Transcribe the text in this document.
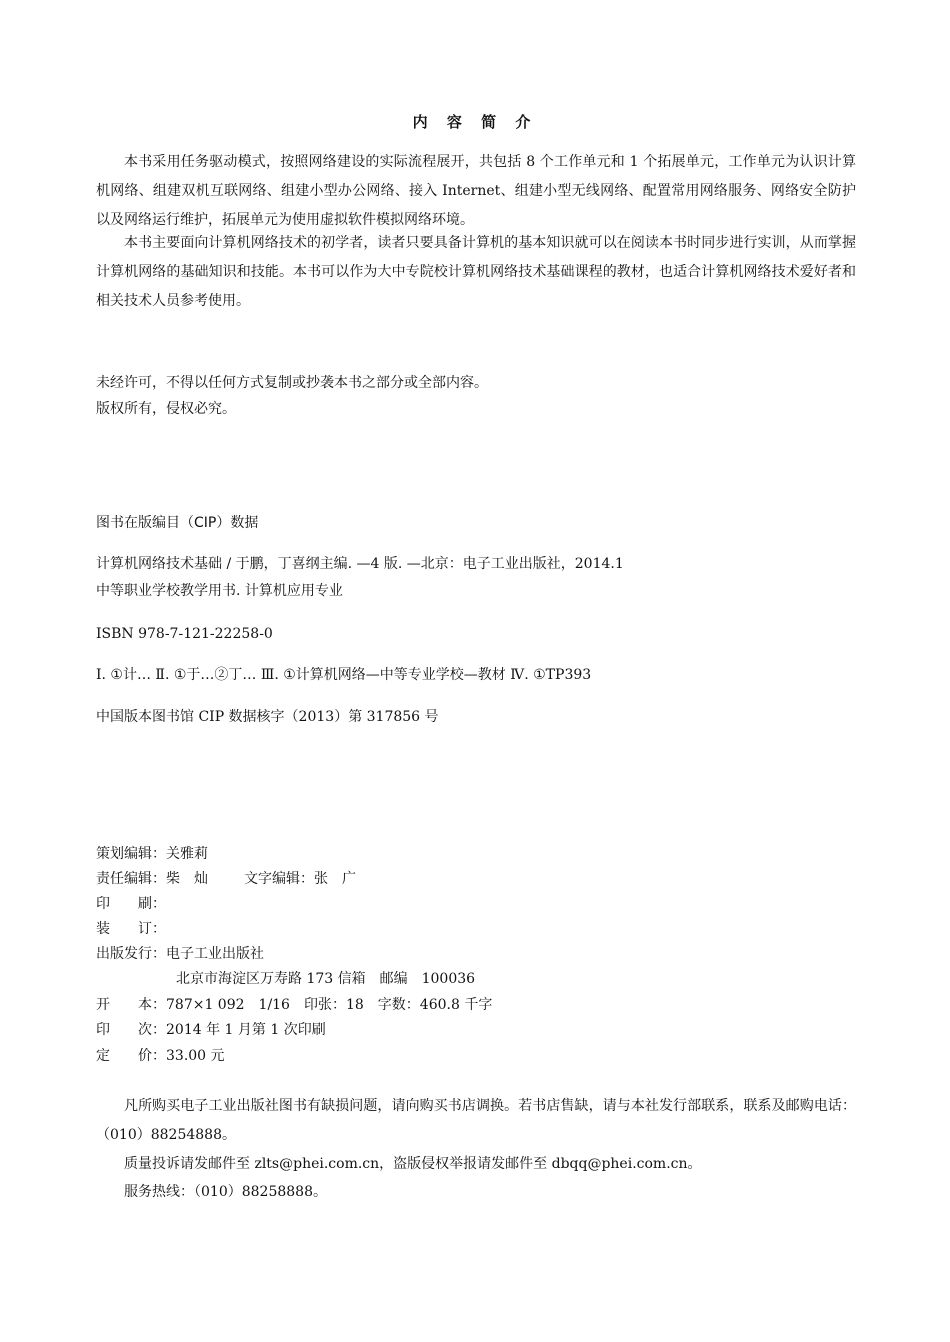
内 容 简 介

本书采用任务驱动模式，按照网络建设的实际流程展开，共包括 8 个工作单元和 1 个拓展单元，工作单元为认识计算机网络、组建双机互联网络、组建小型办公网络、接入 Internet、组建小型无线网络、配置常用网络服务、网络安全防护以及网络运行维护，拓展单元为使用虚拟软件模拟网络环境。

本书主要面向计算机网络技术的初学者，读者只要具备计算机的基本知识就可以在阅读本书时同步进行实训，从而掌握计算机网络的基础知识和技能。本书可以作为大中专院校计算机网络技术基础课程的教材，也适合计算机网络技术爱好者和相关技术人员参考使用。

未经许可，不得以任何方式复制或抄袭本书之部分或全部内容。
版权所有，侵权必究。
图书在版编目（CIP）数据
计算机网络技术基础 / 于鹏，丁喜纲主编. —4 版. —北京：电子工业出版社，2014.1
中等职业学校教学用书. 计算机应用专业
ISBN 978-7-121-22258-0
Ⅰ. ①计… Ⅱ. ①于…②丁… Ⅲ. ①计算机网络—中等专业学校—教材 Ⅳ. ①TP393
中国版本图书馆 CIP 数据核字（2013）第 317856 号
策划编辑：关雅莉
责任编辑：柴　灿	文字编辑：张　广
印　　刷：
装　　订：
出版发行：电子工业出版社
北京市海淀区万寿路 173 信箱　邮编　100036
开　　本：787×1 092　1/16　印张：18　字数：460.8 千字
印　　次：2014 年 1 月第 1 次印刷
定　　价：33.00 元

凡所购买电子工业出版社图书有缺损问题，请向购买书店调换。若书店售缺，请与本社发行部联系，联系及邮购电话：（010）88254888。

质量投诉请发邮件至 zlts@phei.com.cn，盗版侵权举报请发邮件至 dbqq@phei.com.cn。

服务热线：（010）88258888。
